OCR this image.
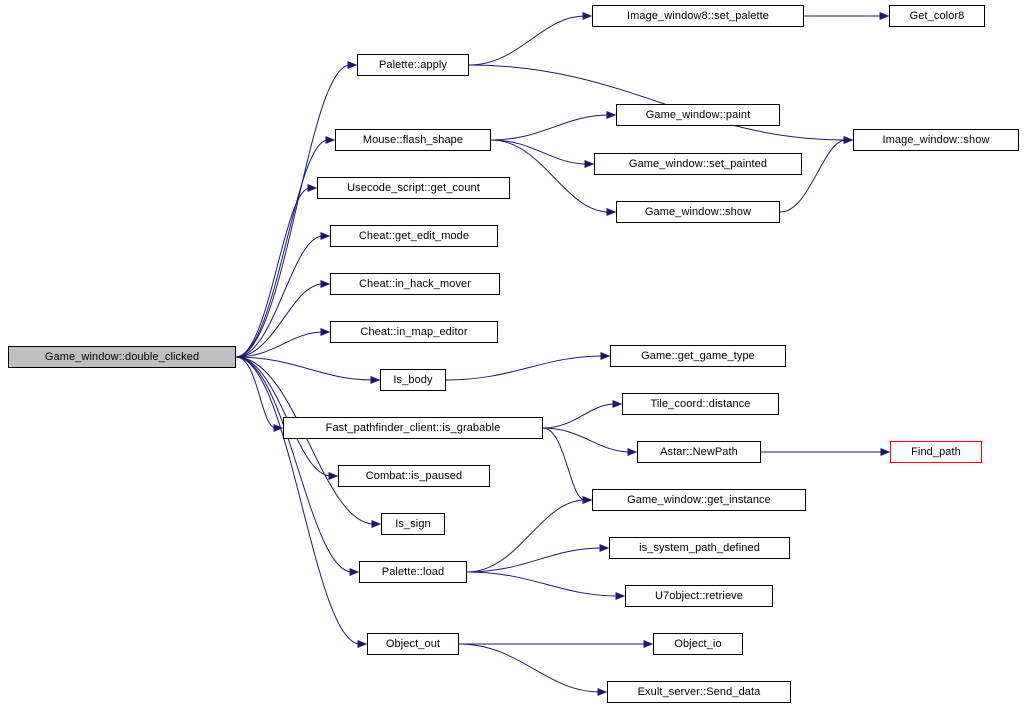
Game_window::double_clicked
Palette::apply
Image_window8::set_palette	Get_color8
Image_window::show
Mouse::flash_shape
Game_window::paint
Game_window::set_painted
Game_window::show
Usecode_script::get_count
Cheat::get_edit_mode
Cheat::in_hack_mover
Cheat::in_map_editor
Is_body
Game::get_game_type
Fast_pathfinder_client::is_grabable
Tile_coord::distance
Astar::NewPath	Find_path
Combat::is_paused
Is_sign
Game_window::get_instance
Palette::load
is_system_path_defined
U7object::retrieve
Object_out	Object_io
Exult_server::Send_data
